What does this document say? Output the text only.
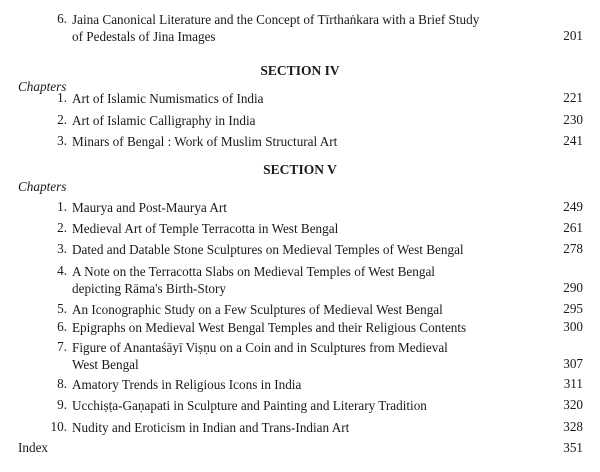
6. Jaina Canonical Literature and the Concept of Tīrthaṅkara with a Brief Study
of Pedestals of Jina Images	201
SECTION IV
Chapters
1. Art of Islamic Numismatics of India	221
2. Art of Islamic Calligraphy in India	230
3. Minars of Bengal : Work of Muslim Structural Art	241
SECTION V
Chapters
1. Maurya and Post-Maurya Art	249
2. Medieval Art of Temple Terracotta in West Bengal	261
3. Dated and Datable Stone Sculptures on Medieval Temples of West Bengal	278
4. A Note on the Terracotta Slabs on Medieval Temples of West Bengal
depicting Rāma's Birth-Story	290
5. An Iconographic Study on a Few Sculptures of Medieval West Bengal	295
6. Epigraphs on Medieval West Bengal Temples and their Religious Contents	300
7. Figure of Anantaśāyī Viṣṇu on a Coin and in Sculptures from Medieval
West Bengal	307
8. Amatory Trends in Religious Icons in India	311
9. Ucchiṣṭa-Gaṇapati in Sculpture and Painting and Literary Tradition	320
10. Nudity and Eroticism in Indian and Trans-Indian Art	328
Index	351
